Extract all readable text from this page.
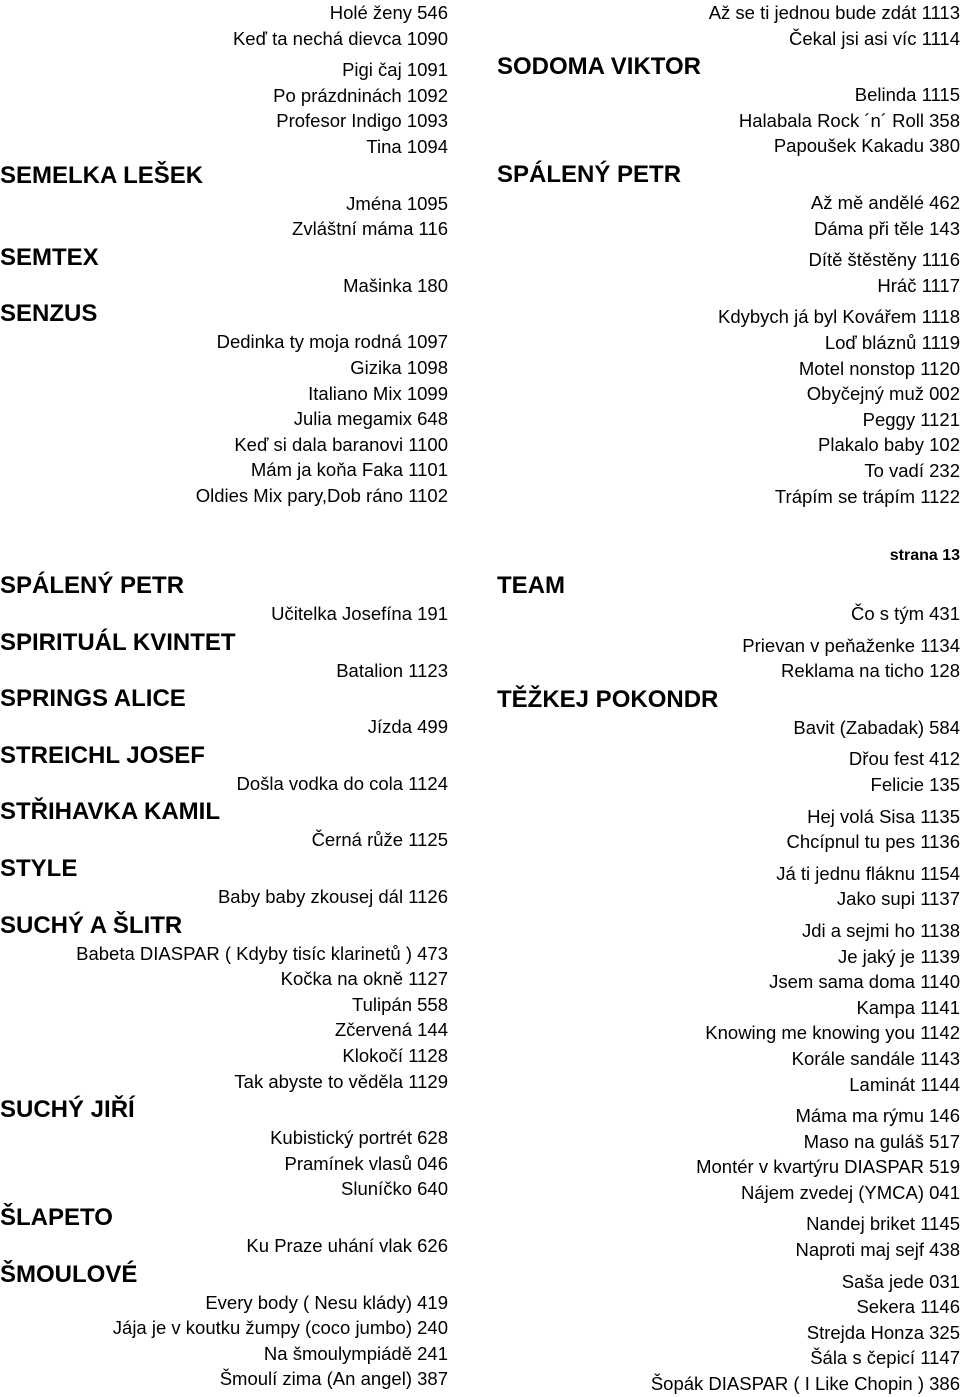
strana 13
Holé ženy 546
Keď ta nechá dievca 1090
Pigi čaj 1091
Po prázdninách 1092
Profesor Indigo 1093
Tina 1094
SEMELKA LEŠEK
Jména 1095
Zvláštní máma 116
SEMTEX
Mašinka 180
SENZUS
Dedinka ty moja rodná 1097
Gizika 1098
Italiano Mix 1099
Julia megamix 648
Keď si dala baranovi 1100
Mám ja koňa Faka 1101
Oldies Mix pary,Dob ráno 1102
Až se ti jednou bude zdát 1113
Čekal jsi asi víc 1114
SODOMA VIKTOR
Belinda 1115
Halabala Rock ´n´ Roll 358
Papoušek Kakadu 380
SPÁLENÝ PETR
Až mě andělé 462
Dáma při těle 143
Dítě štěstěny 1116
Hráč 1117
Kdybych já byl Kovářem 1118
Loď bláznů 1119
Motel nonstop 1120
Obyčejný muž 002
Peggy 1121
Plakalo baby 102
To vadí 232
Trápím se trápím 1122
SPÁLENÝ PETR
Učitelka Josefína 191
SPIRITUÁL KVINTET
Batalion 1123
SPRINGS ALICE
Jízda 499
STREICHL JOSEF
Došla vodka do cola 1124
STŘIHAVKA KAMIL
Černá růže 1125
STYLE
Baby baby zkousej dál 1126
SUCHÝ A ŠLITR
Babeta DIASPAR ( Kdyby tisíc klarinetů ) 473
Kočka na okně 1127
Tulipán 558
Zčervená 144
Klokočí 1128
Tak abyste to věděla 1129
SUCHÝ JIŘÍ
Kubistický portrét 628
Pramínek vlasů 046
Sluníčko 640
ŠLAPETO
Ku Praze uhání vlak 626
ŠMOULOVÉ
Every body ( Nesu klády) 419
Jája je v koutku žumpy (coco jumbo) 240
Na šmoulympiádě 241
Šmoulí zima (An angel) 387
TEAM
Čo s tým 431
Prievan v peňaženke 1134
Reklama na ticho 128
TĚŽKEJ POKONDR
Bavit (Zabadak) 584
Dřou fest 412
Felicie 135
Hej volá Sisa 1135
Chcípnul tu pes 1136
Já ti jednu fláknu 1154
Jako supi 1137
Jdi a sejmi ho 1138
Je jaký je 1139
Jsem sama doma 1140
Kampa 1141
Knowing me knowing you 1142
Korále sandále 1143
Laminát 1144
Máma ma rýmu 146
Maso na guláš 517
Montér v kvartýru DIASPAR 519
Nájem zvedej (YMCA) 041
Nandej briket 1145
Naproti maj sejf 438
Saša jede 031
Sekera 1146
Strejda Honza 325
Šála s čepicí 1147
Šopák DIASPAR ( I Like Chopin ) 386
